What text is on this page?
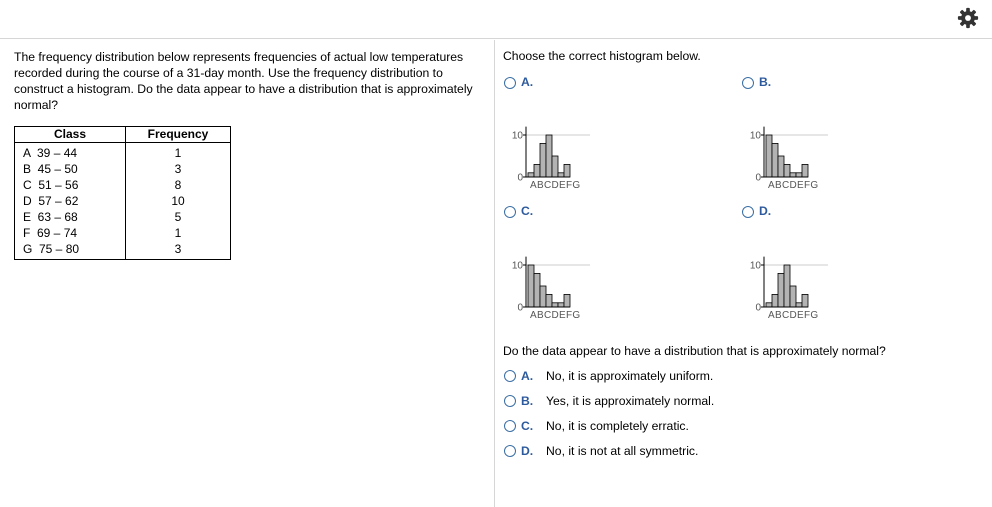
The frequency distribution below represents frequencies of actual low temperatures recorded during the course of a 31-day month. Use the frequency distribution to construct a histogram. Do the data appear to have a distribution that is approximately normal?
Class	Frequency
A  39 – 44	1
B  45 – 50	3
C  51 – 56	8
D  57 – 62	10
E  63 – 68	5
F  69 – 74	1
G  75 – 80	3
Choose the correct histogram below.
A.
10
0
ABCDEFG
B.
10
0
ABCDEFG
C.
10
0
ABCDEFG
D.
10
0
ABCDEFG
Do the data appear to have a distribution that is approximately normal?
A. No, it is approximately uniform.
B. Yes, it is approximately normal.
C. No, it is completely erratic.
D. No, it is not at all symmetric.
